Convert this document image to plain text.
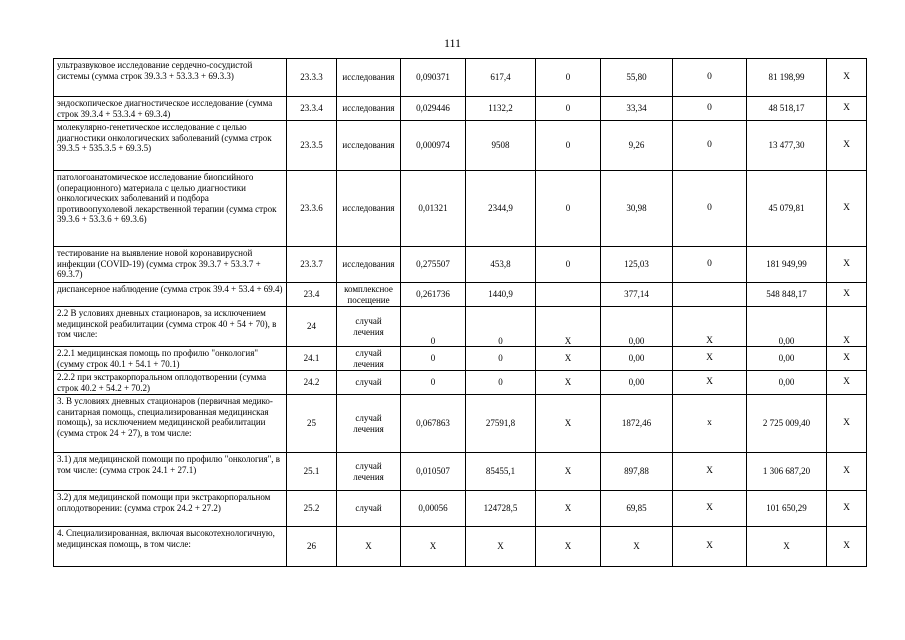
111
ультразвуковое исследование сердечно-сосудистой системы (сумма строк 39.3.3 + 53.3.3 + 69.3.3)	23.3.3	исследования	0,090371	617,4	0	55,80	0	81 198,99	Х
эндоскопическое диагностическое исследование (сумма строк 39.3.4 + 53.3.4 + 69.3.4)	23.3.4	исследования	0,029446	1132,2	0	33,34	0	48 518,17	Х
молекулярно-генетическое исследование с целью диагностики онкологических заболеваний (сумма строк 39.3.5 + 535.3.5 + 69.3.5)	23.3.5	исследования	0,000974	9508	0	9,26	0	13 477,30	Х
патологоанатомическое исследование биопсийного (операционного) материала с целью диагностики онкологических заболеваний и подбора противоопухолевой лекарственной терапии (сумма строк 39.3.6 + 53.3.6 + 69.3.6)	23.3.6	исследования	0,01321	2344,9	0	30,98	0	45 079,81	Х
тестирование на выявление новой коронавирусной инфекции (COVID-19) (сумма строк 39.3.7 + 53.3.7 + 69.3.7)	23.3.7	исследования	0,275507	453,8	0	125,03	0	181 949,99	Х
диспансерное наблюдение (сумма строк 39.4 + 53.4 + 69.4)	23.4	комплексное посещение	0,261736	1440,9		377,14		548 848,17	Х
2.2 В условиях дневных стационаров, за исключением медицинской реабилитации (сумма строк 40 + 54 + 70), в том числе:	24	случай лечения	0	0	Х	0,00	Х	0,00	Х
2.2.1 медицинская помощь по профилю "онкология" (сумму строк 40.1 + 54.1 + 70.1)	24.1	случай лечения	0	0	Х	0,00	Х	0,00	Х
2.2.2 при экстракорпоральном оплодотворении (сумма строк 40.2 + 54.2 + 70.2)	24.2	случай	0	0	Х	0,00	Х	0,00	Х
3. В условиях дневных стационаров (первичная медико-санитарная помощь, специализированная медицинская помощь), за исключением медицинской реабилитации (сумма строк 24 + 27), в том числе:	25	случай лечения	0,067863	27591,8	Х	1872,46	х	2 725 009,40	Х
3.1) для медицинской помощи по профилю "онкология", в том числе: (сумма строк 24.1 + 27.1)	25.1	случай лечения	0,010507	85455,1	Х	897,88	Х	1 306 687,20	Х
3.2) для медицинской помощи при экстракорпоральном оплодотворении: (сумма строк 24.2 + 27.2)	25.2	случай	0,00056	124728,5	Х	69,85	Х	101 650,29	Х
4. Специализированная, включая высокотехнологичную, медицинская помощь, в том числе:	26	Х	Х	Х	Х	Х	Х	Х	Х
